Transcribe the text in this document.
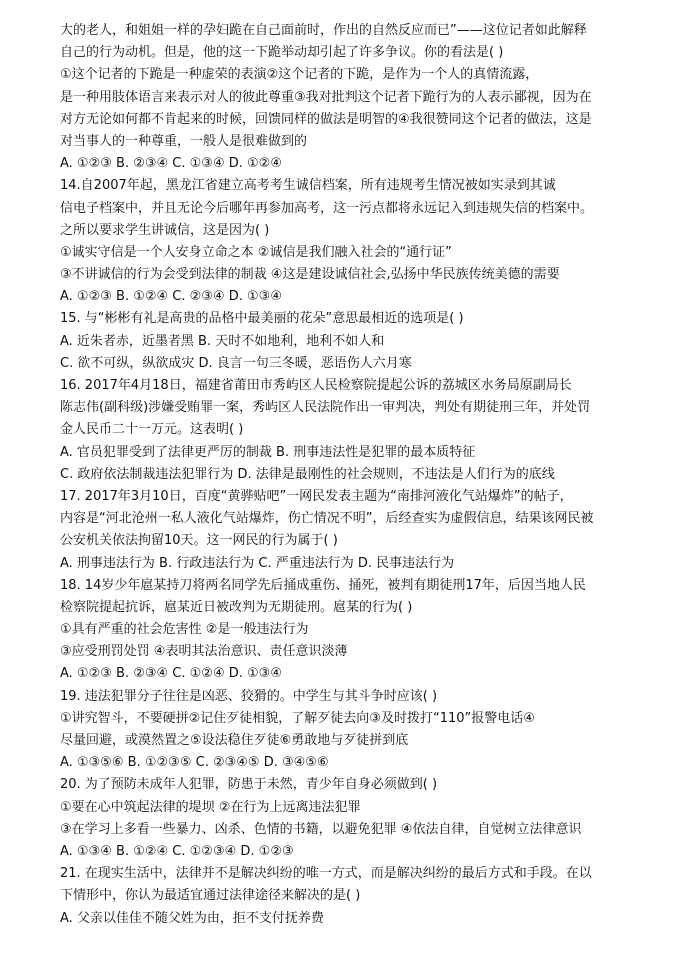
大的老人，和姐姐一样的孕妇跪在自己面前时，作出的自然反应而已”——这位记者如此解释
自己的行为动机。但是，他的这一下跪举动却引起了许多争议。你的看法是( )
①这个记者的下跪是一种虚荣的表演②这个记者的下跪，是作为一个人的真情流露，
是一种用肢体语言来表示对人的彼此尊重③我对批判这个记者下跪行为的人表示鄙视，因为在
对方无论如何都不肯起来的时候，回馈同样的做法是明智的④我很赞同这个记者的做法，这是
对当事人的一种尊重，一般人是很难做到的
A. ①②③ B. ②③④ C. ①③④ D. ①②④
14.自2007年起，黑龙江省建立高考考生诚信档案，所有违规考生情况被如实录到其诚
信电子档案中，并且无论今后哪年再参加高考，这一污点都将永远记入到违规失信的档案中。
之所以要求学生讲诚信，这是因为( )
①诚实守信是一个人安身立命之本 ②诚信是我们融入社会的“通行证”
③不讲诚信的行为会受到法律的制裁 ④这是建设诚信社会,弘扬中华民族传统美德的需要
A. ①②③ B. ①②④ C. ②③④ D. ①③④
15. 与“彬彬有礼是高贵的品格中最美丽的花朵”意思最相近的选项是( )
A. 近朱者赤，近墨者黑 B. 天时不如地利，地利不如人和
C. 欲不可纵，纵欲成灾 D. 良言一句三冬暖，恶语伤人六月寒
16. 2017年4月18日，福建省莆田市秀屿区人民检察院提起公诉的荔城区水务局原副局长
陈志伟(副科级)涉嫌受贿罪一案，秀屿区人民法院作出一审判决，判处有期徒刑三年，并处罚
金人民币二十一万元。这表明( )
A. 官员犯罪受到了法律更严厉的制裁 B. 刑事违法性是犯罪的最本质特征
C. 政府依法制裁违法犯罪行为 D. 法律是最刚性的社会规则，不违法是人们行为的底线
17. 2017年3月10日，百度“黄骅贴吧”一网民发表主题为“南排河液化气站爆炸”的帖子，
内容是“河北沧州一私人液化气站爆炸，伤亡情况不明”，后经查实为虚假信息，结果该网民被
公安机关依法拘留10天。这一网民的行为属于( )
A. 刑事违法行为 B. 行政违法行为 C. 严重违法行为 D. 民事违法行为
18. 14岁少年扈某持刀将两名同学先后捅成重伤、捅死，被判有期徒刑17年，后因当地人民
检察院提起抗诉，扈某近日被改判为无期徒刑。扈某的行为( )
①具有严重的社会危害性 ②是一般违法行为
③应受刑罚处罚 ④表明其法治意识、责任意识淡薄
A. ①②③ B. ②③④ C. ①②④ D. ①③④
19. 违法犯罪分子往往是凶恶、狡猾的。中学生与其斗争时应该( )
①讲究智斗，不要硬拼②记住歹徒相貌，了解歹徒去向③及时拨打“110”报警电话④
尽量回避，或漠然置之⑤设法稳住歹徒⑥勇敢地与歹徒拼到底
A. ①③⑤⑥ B. ①②③⑤ C. ②③④⑤ D. ③④⑤⑥
20. 为了预防未成年人犯罪，防患于未然，青少年自身必须做到( )
①要在心中筑起法律的堤坝 ②在行为上远离违法犯罪
③在学习上多看一些暴力、凶杀、色情的书籍，以避免犯罪 ④依法自律，自觉树立法律意识
A. ①③④ B. ①②④ C. ①②③④ D. ①②③
21. 在现实生活中，法律并不是解决纠纷的唯一方式，而是解决纠纷的最后方式和手段。在以
下情形中，你认为最适宜通过法律途径来解决的是( )
A. 父亲以佳佳不随父姓为由，拒不支付抚养费
